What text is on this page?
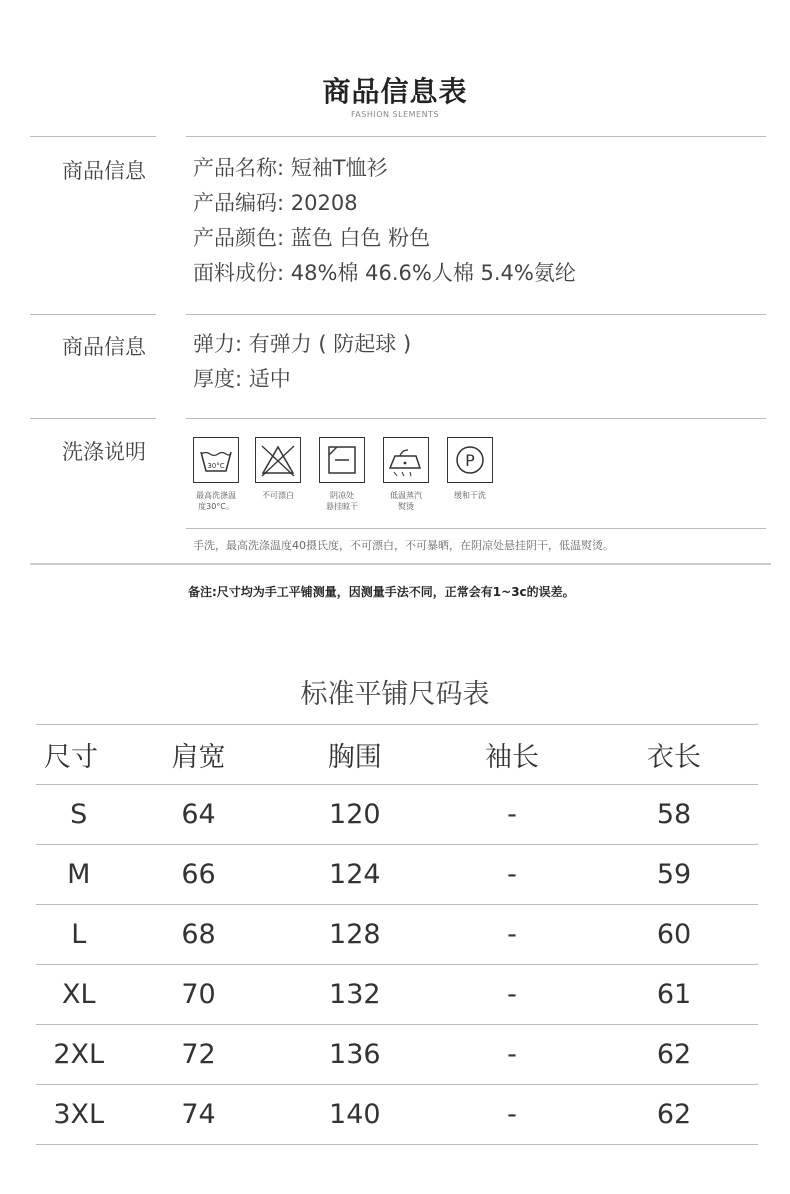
商品信息表
FASHION SLEMENTS
商品信息 产品名称: 短袖T恤衫
产品编码: 20208
产品颜色: 蓝色 白色 粉色
面料成份: 48%棉 46.6%人棉 5.4%氨纶
商品信息 弹力: 有弹力 ( 防起球 )
厚度: 适中
洗涤说明
30°C
最高洗涤温
度30°C。
不可漂白	阴凉处
悬挂晾干
低温蒸汽
熨烫
P
缓和干洗
手洗，最高洗涤温度40摄氏度，不可漂白，不可暴晒，在阴凉处悬挂阴干，低温熨烫。
备注:尺寸均为手工平铺测量，因测量手法不同，正常会有1~3c的误差。
标准平铺尺码表
尺寸	肩宽	胸围	袖长	衣长
S	64	120	-	58
M	66	124	-	59
L	68	128	-	60
XL	70	132	-	61
2XL	72	136	-	62
3XL	74	140	-	62
